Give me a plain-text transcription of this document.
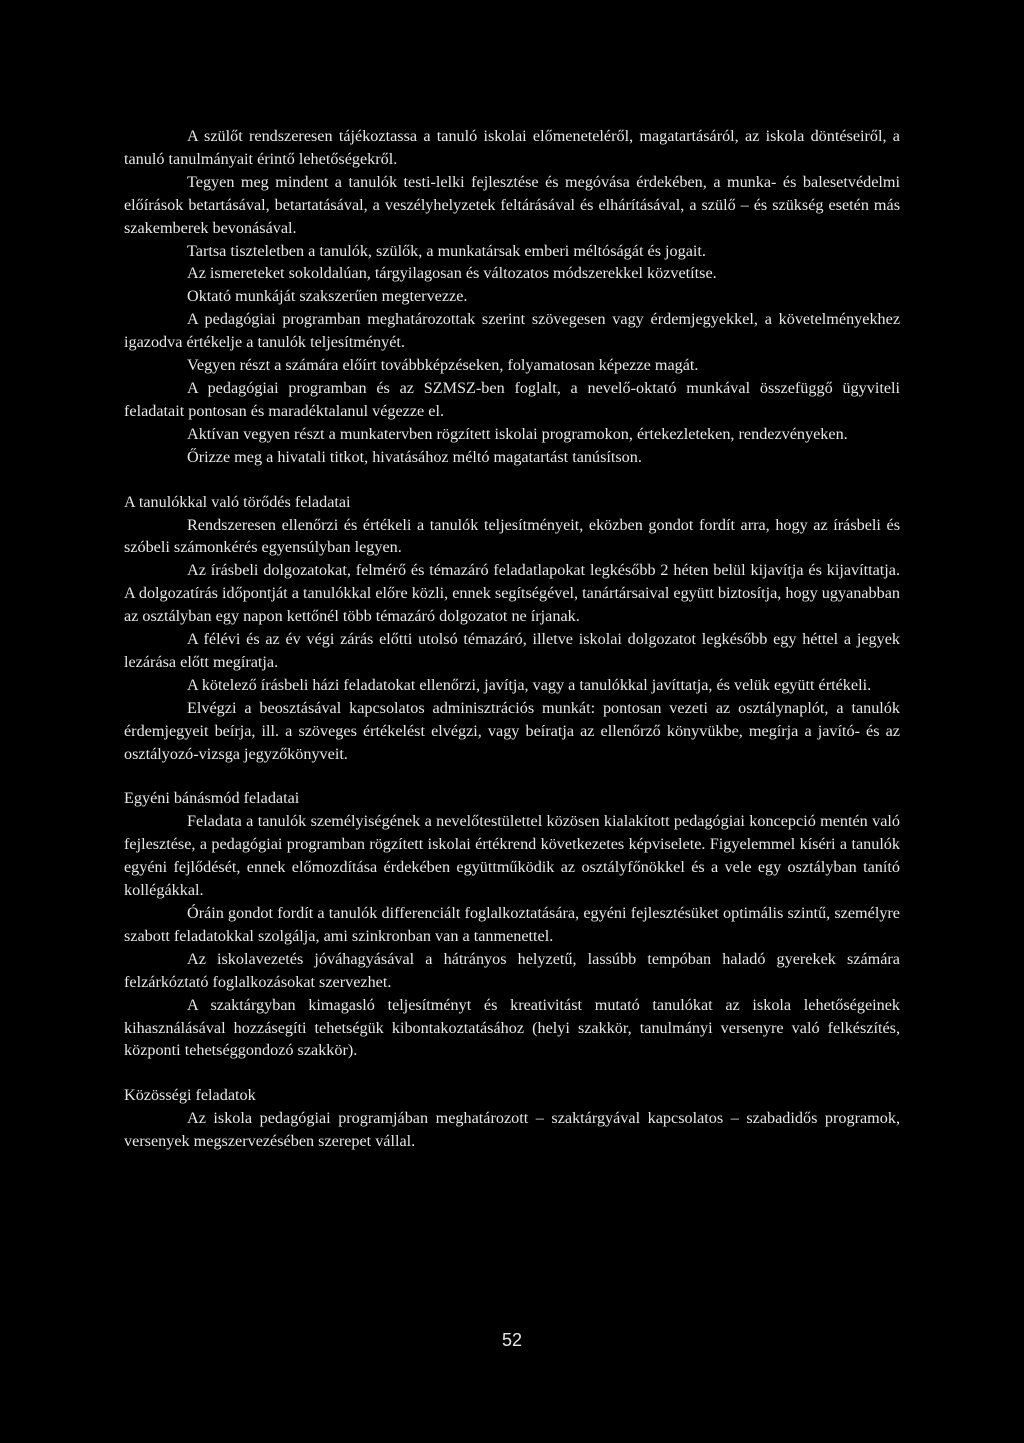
A szülőt rendszeresen tájékoztassa a tanuló iskolai előmeneteléről, magatartásáról, az iskola döntéseiről, a tanuló tanulmányait érintő lehetőségekről.

Tegyen meg mindent a tanulók testi-lelki fejlesztése és megóvása érdekében, a munka- és balesetvédelmi előírások betartásával, betartatásával, a veszélyhelyzetek feltárásával és elhárításával, a szülő – és szükség esetén más szakemberek bevonásával.

Tartsa tiszteletben a tanulók, szülők, a munkatársak emberi méltóságát és jogait.

Az ismereteket sokoldalúan, tárgyilagosan és változatos módszerekkel közvetítse.

Oktató munkáját szakszerűen megtervezze.

A pedagógiai programban meghatározottak szerint szövegesen vagy érdemjegyekkel, a követelményekhez igazodva értékelje a tanulók teljesítményét.

Vegyen részt a számára előírt továbbképzéseken, folyamatosan képezze magát.

A pedagógiai programban és az SZMSZ-ben foglalt, a nevelő-oktató munkával összefüggő ügyviteli feladatait pontosan és maradéktalanul végezze el.

Aktívan vegyen részt a munkatervben rögzített iskolai programokon, értekezleteken, rendezvényeken.

Őrizze meg a hivatali titkot, hivatásához méltó magatartást tanúsítson.

A tanulókkal való törődés feladatai

Rendszeresen ellenőrzi és értékeli a tanulók teljesítményeit, eközben gondot fordít arra, hogy az írásbeli és szóbeli számonkérés egyensúlyban legyen.

Az írásbeli dolgozatokat, felmérő és témazáró feladatlapokat legkésőbb 2 héten belül kijavítja és kijavíttatja. A dolgozatírás időpontját a tanulókkal előre közli, ennek segítségével, tanártársaival együtt biztosítja, hogy ugyanabban az osztályban egy napon kettőnél több témazáró dolgozatot ne írjanak.

A félévi és az év végi zárás előtti utolsó témazáró, illetve iskolai dolgozatot legkésőbb egy héttel a jegyek lezárása előtt megíratja.

A kötelező írásbeli házi feladatokat ellenőrzi, javítja, vagy a tanulókkal javíttatja, és velük együtt értékeli.

Elvégzi a beosztásával kapcsolatos adminisztrációs munkát: pontosan vezeti az osztálynaplót, a tanulók érdemjegyeit beírja, ill. a szöveges értékelést elvégzi, vagy beíratja az ellenőrző könyvükbe, megírja a javító- és az osztályozó-vizsga jegyzőkönyveit.

Egyéni bánásmód feladatai

Feladata a tanulók személyiségének a nevelőtestülettel közösen kialakított pedagógiai koncepció mentén való fejlesztése, a pedagógiai programban rögzített iskolai értékrend következetes képviselete. Figyelemmel kíséri a tanulók egyéni fejlődését, ennek előmozdítása érdekében együttműködik az osztályfőnökkel és a vele egy osztályban tanító kollégákkal.

Óráin gondot fordít a tanulók differenciált foglalkoztatására, egyéni fejlesztésüket optimális szintű, személyre szabott feladatokkal szolgálja, ami szinkronban van a tanmenettel.

Az iskolavezetés jóváhagyásával a hátrányos helyzetű, lassúbb tempóban haladó gyerekek számára felzárkóztató foglalkozásokat szervezhet.

A szaktárgyban kimagasló teljesítményt és kreativitást mutató tanulókat az iskola lehetőségeinek kihasználásával hozzásegíti tehetségük kibontakoztatásához (helyi szakkör, tanulmányi versenyre való felkészítés, központi tehetséggondozó szakkör).

Közösségi feladatok

Az iskola pedagógiai programjában meghatározott – szaktárgyával kapcsolatos – szabadidős programok, versenyek megszervezésében szerepet vállal.

52
